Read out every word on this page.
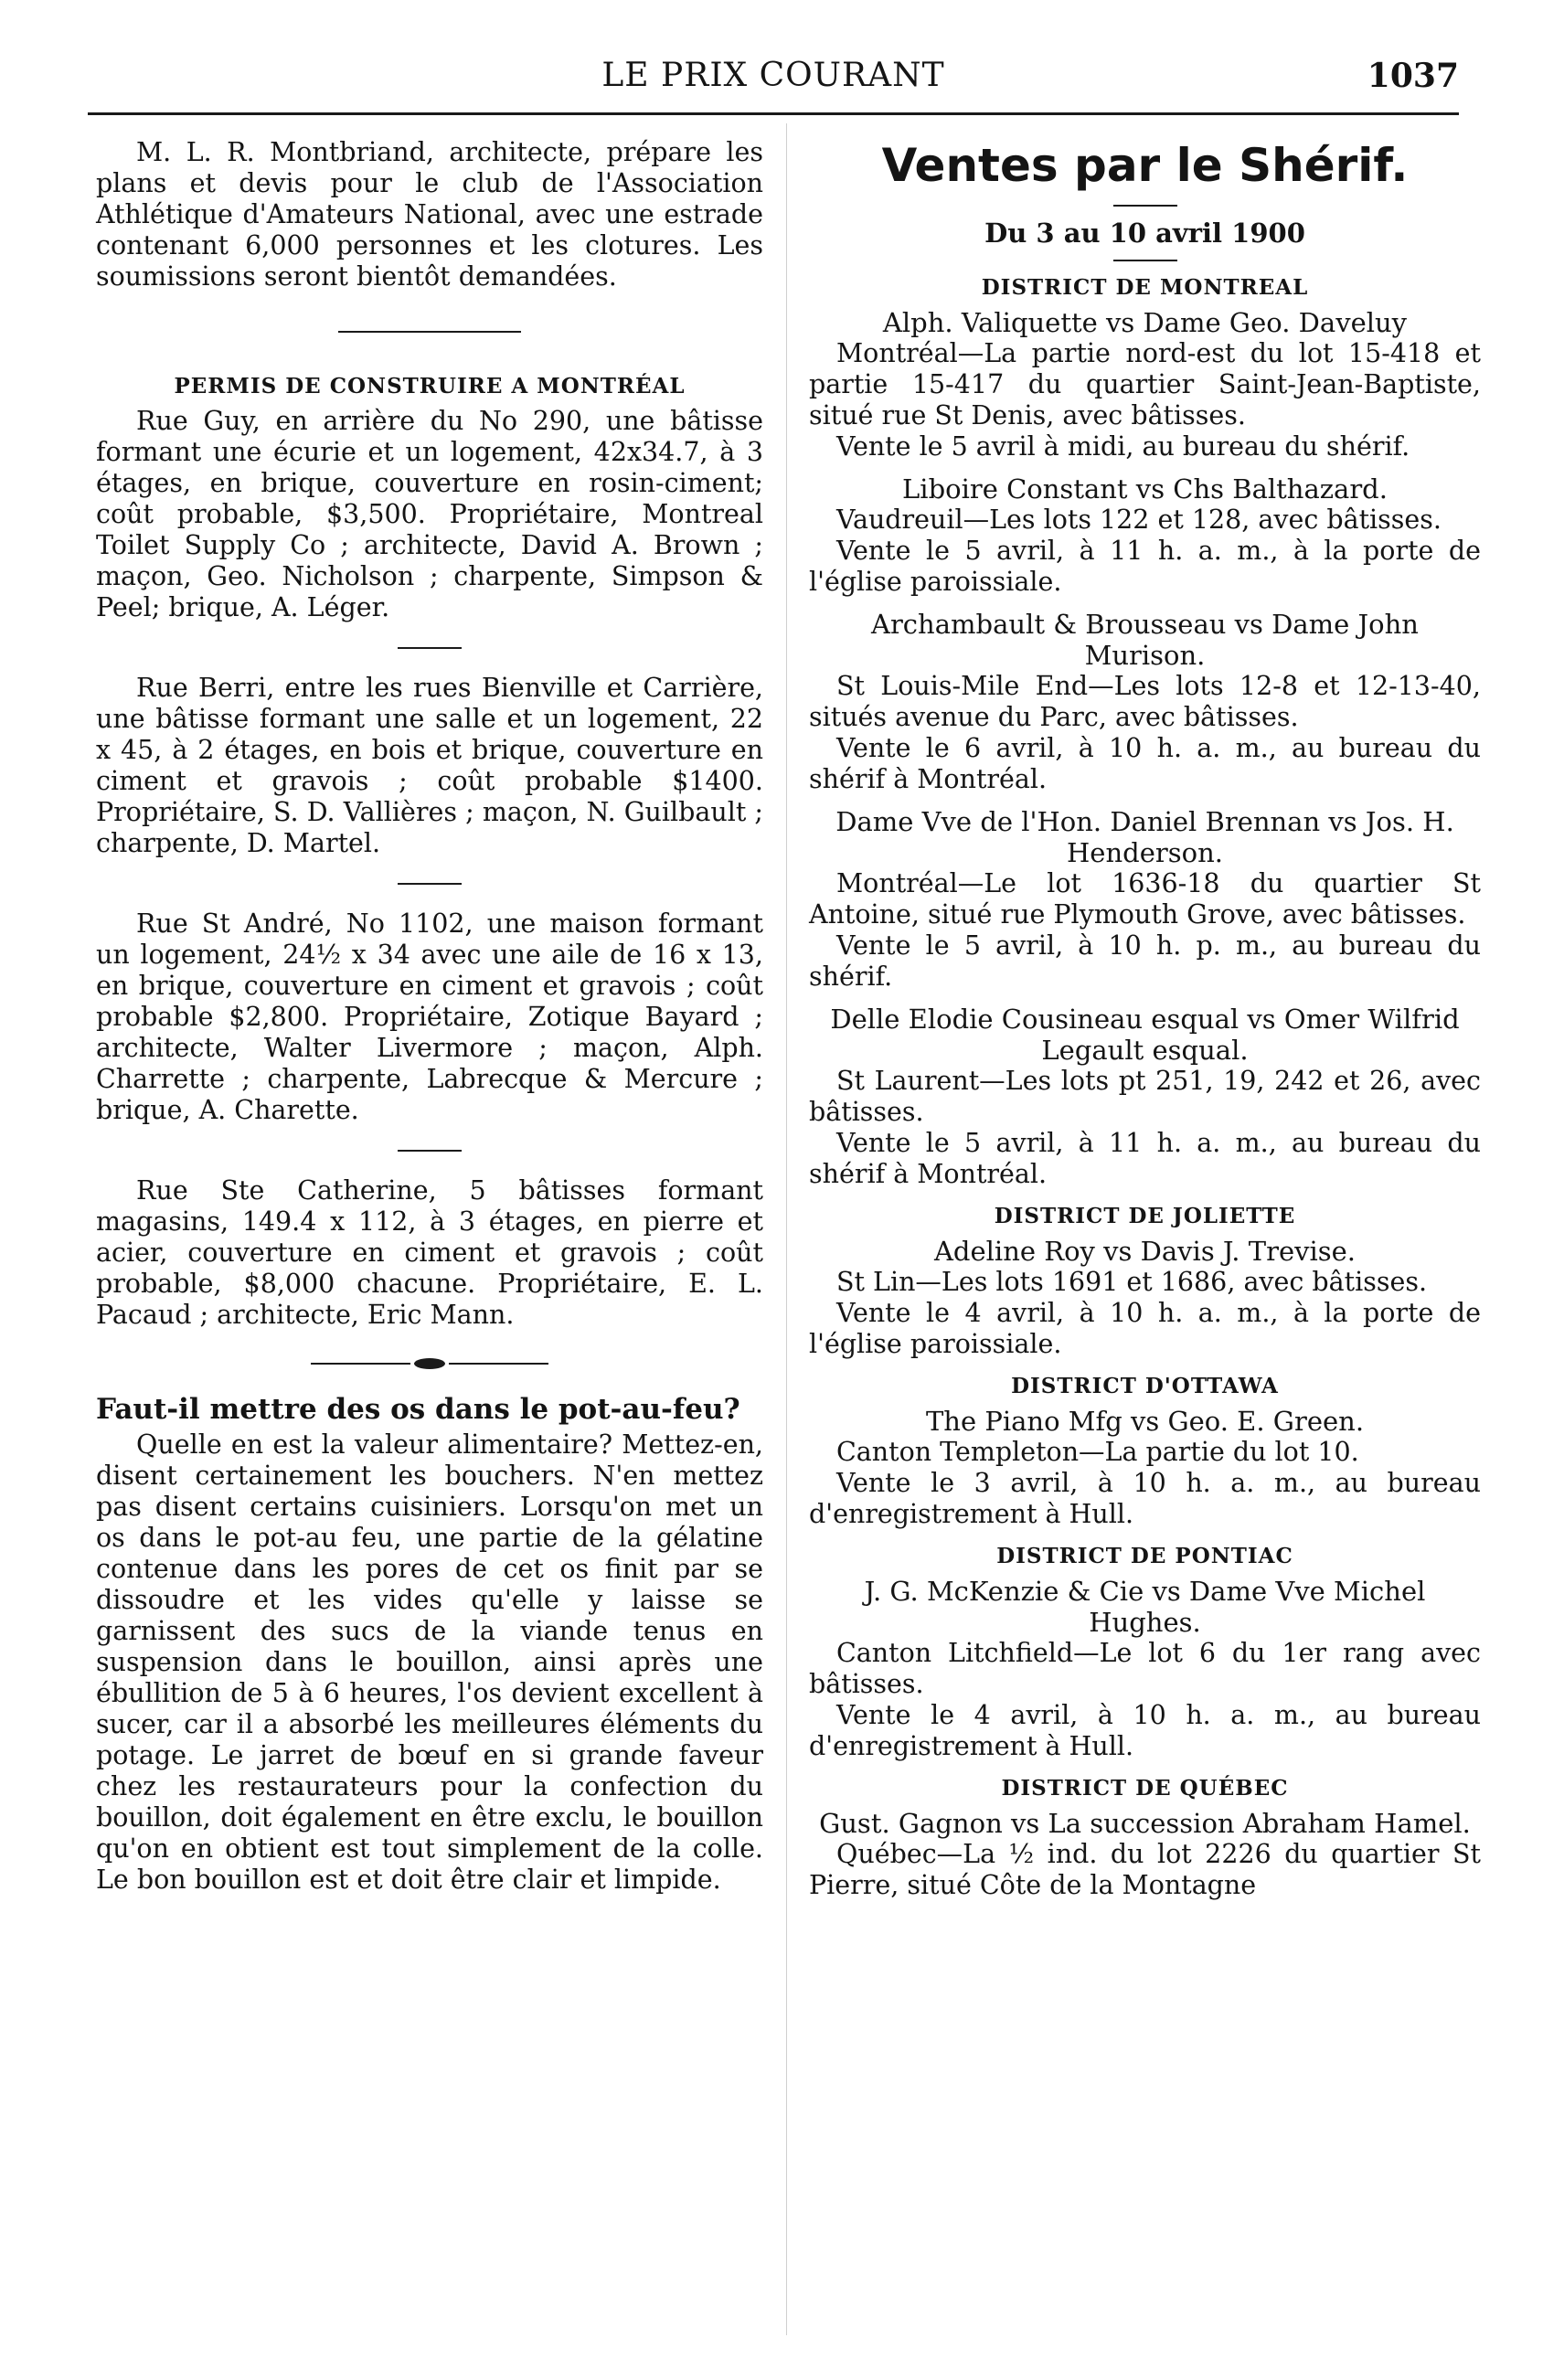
LE PRIX COURANT	1037

M. L. R. Montbriand, architecte, prépare les plans et devis pour le club de l'Association Athlétique d'Amateurs National, avec une estrade contenant 6,000 personnes et les clotures. Les soumissions seront bientôt demandées.

PERMIS DE CONSTRUIRE A MONTRÉAL

Rue Guy, en arrière du No 290, une bâtisse formant une écurie et un logement, 42x34.7, à 3 étages, en brique, couverture en rosin-ciment; coût probable, $3,500. Propriétaire, Montreal Toilet Supply Co ; architecte, David A. Brown ; maçon, Geo. Nicholson ; charpente, Simpson & Peel; brique, A. Léger.

Rue Berri, entre les rues Bienville et Carrière, une bâtisse formant une salle et un logement, 22 x 45, à 2 étages, en bois et brique, couverture en ciment et gravois ; coût probable $1400. Propriétaire, S. D. Vallières ; maçon, N. Guilbault ; charpente, D. Martel.

Rue St André, No 1102, une maison formant un logement, 24½ x 34 avec une aile de 16 x 13, en brique, couverture en ciment et gravois ; coût probable $2,800. Propriétaire, Zotique Bayard ; architecte, Walter Livermore ; maçon, Alph. Charrette ; charpente, Labrecque & Mercure ; brique, A. Charette.

Rue Ste Catherine, 5 bâtisses formant magasins, 149.4 x 112, à 3 étages, en pierre et acier, couverture en ciment et gravois ; coût probable, $8,000 chacune. Propriétaire, E. L. Pacaud ; architecte, Eric Mann.

Faut-il mettre des os dans le pot-au-feu?

Quelle en est la valeur alimentaire? Mettez-en, disent certainement les bouchers. N'en mettez pas disent certains cuisiniers. Lorsqu'on met un os dans le pot-au feu, une partie de la gélatine contenue dans les pores de cet os finit par se dissoudre et les vides qu'elle y laisse se garnissent des sucs de la viande tenus en suspension dans le bouillon, ainsi après une ébullition de 5 à 6 heures, l'os devient excellent à sucer, car il a absorbé les meilleures éléments du potage. Le jarret de bœuf en si grande faveur chez les restaurateurs pour la confection du bouillon, doit également en être exclu, le bouillon qu'on en obtient est tout simplement de la colle. Le bon bouillon est et doit être clair et limpide.

Ventes par le Shérif.
Du 3 au 10 avril 1900
DISTRICT DE MONTREAL

Alph. Valiquette vs Dame Geo. Daveluy

Montréal—La partie nord-est du lot 15-418 et partie 15-417 du quartier Saint-Jean-Baptiste, situé rue St Denis, avec bâtisses.

Vente le 5 avril à midi, au bureau du shérif.

Liboire Constant vs Chs Balthazard.

Vaudreuil—Les lots 122 et 128, avec bâtisses.

Vente le 5 avril, à 11 h. a. m., à la porte de l'église paroissiale.

Archambault & Brousseau vs Dame John Murison.

St Louis-Mile End—Les lots 12-8 et 12-13-40, situés avenue du Parc, avec bâtisses.

Vente le 6 avril, à 10 h. a. m., au bureau du shérif à Montréal.

Dame Vve de l'Hon. Daniel Brennan vs Jos. H. Henderson.

Montréal—Le lot 1636-18 du quartier St Antoine, situé rue Plymouth Grove, avec bâtisses.

Vente le 5 avril, à 10 h. p. m., au bureau du shérif.

Delle Elodie Cousineau esqual vs Omer Wilfrid Legault esqual.

St Laurent—Les lots pt 251, 19, 242 et 26, avec bâtisses.

Vente le 5 avril, à 11 h. a. m., au bureau du shérif à Montréal.

DISTRICT DE JOLIETTE

Adeline Roy vs Davis J. Trevise.

St Lin—Les lots 1691 et 1686, avec bâtisses.

Vente le 4 avril, à 10 h. a. m., à la porte de l'église paroissiale.

DISTRICT D'OTTAWA

The Piano Mfg vs Geo. E. Green.

Canton Templeton—La partie du lot 10.

Vente le 3 avril, à 10 h. a. m., au bureau d'enregistrement à Hull.

DISTRICT DE PONTIAC

J. G. McKenzie & Cie vs Dame Vve Michel Hughes.

Canton Litchfield—Le lot 6 du 1er rang avec bâtisses.

Vente le 4 avril, à 10 h. a. m., au bureau d'enregistrement à Hull.

DISTRICT DE QUÉBEC

Gust. Gagnon vs La succession Abraham Hamel.

Québec—La ½ ind. du lot 2226 du quartier St Pierre, situé Côte de la Montagne
